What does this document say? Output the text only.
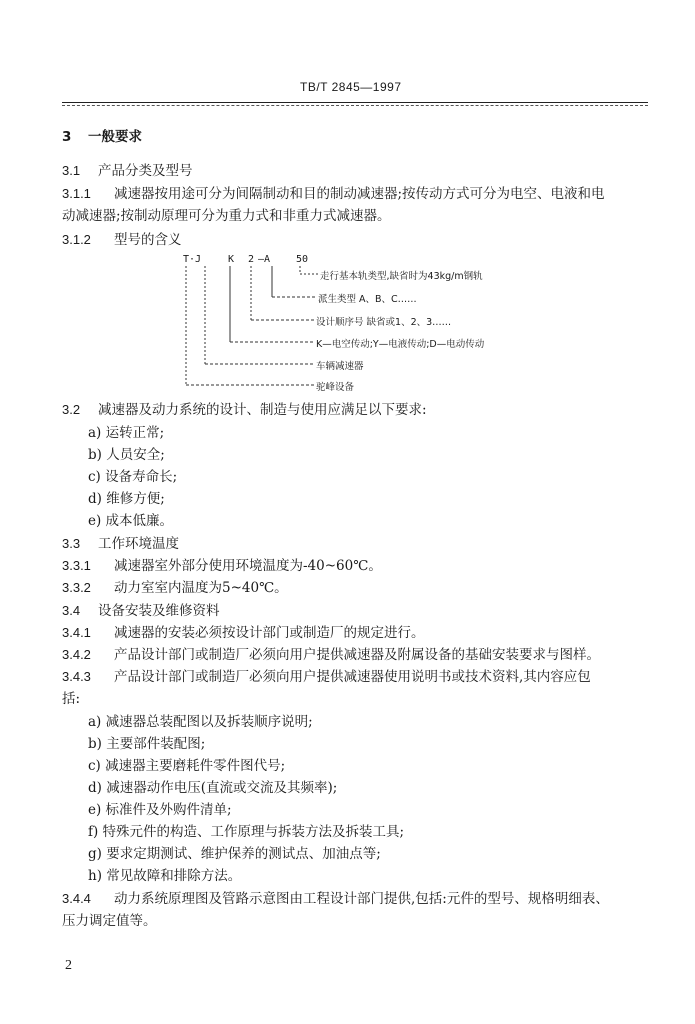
TB/T 2845—1997
3 一般要求
3.1 产品分类及型号
3.1.1 减速器按用途可分为间隔制动和目的制动减速器;按传动方式可分为电空、电液和电
动减速器;按制动原理可分为重力式和非重力式减速器。
3.1.2 型号的含义
T·J	K 2 —A	50
走行基本轨类型,缺省时为43kg/m钢轨
派生类型 A、B、C……
设计顺序号 缺省或1、2、3……
K—电空传动;Y—电液传动;D—电动传动
车辆减速器
驼峰设备
3.2 减速器及动力系统的设计、制造与使用应满足以下要求:
a) 运转正常;
b) 人员安全;
c) 设备寿命长;
d) 维修方便;
e) 成本低廉。
3.3 工作环境温度
3.3.1 减速器室外部分使用环境温度为-40~60℃。
3.3.2 动力室室内温度为5~40℃。
3.4 设备安装及维修资料
3.4.1 减速器的安装必须按设计部门或制造厂的规定进行。
3.4.2 产品设计部门或制造厂必须向用户提供减速器及附属设备的基础安装要求与图样。
3.4.3 产品设计部门或制造厂必须向用户提供减速器使用说明书或技术资料,其内容应包
括:
a) 减速器总装配图以及拆装顺序说明;
b) 主要部件装配图;
c) 减速器主要磨耗件零件图代号;
d) 减速器动作电压(直流或交流及其频率);
e) 标准件及外购件清单;
f) 特殊元件的构造、工作原理与拆装方法及拆装工具;
g) 要求定期测试、维护保养的测试点、加油点等;
h) 常见故障和排除方法。
3.4.4 动力系统原理图及管路示意图由工程设计部门提供,包括:元件的型号、规格明细表、
压力调定值等。
2
